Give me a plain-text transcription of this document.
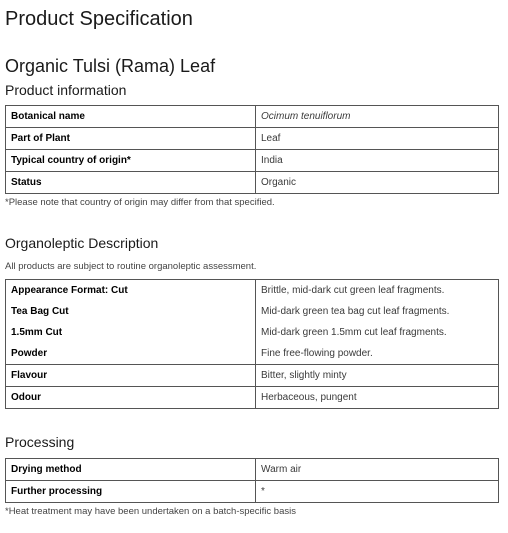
Product Specification
Organic Tulsi (Rama) Leaf
Product information
Botanical name	Ocimum tenuiflorum
Part of Plant	Leaf
Typical country of origin*	India
Status	Organic
*Please note that country of origin may differ from that specified.
Organoleptic Description
All products are subject to routine organoleptic assessment.
Appearance Format: Cut	Brittle, mid-dark cut green leaf fragments.
Tea Bag Cut	Mid-dark green tea bag cut leaf fragments.
1.5mm Cut	Mid-dark green 1.5mm cut leaf fragments.
Powder	Fine free-flowing powder.
Flavour	Bitter, slightly minty
Odour	Herbaceous, pungent
Processing
Drying method	Warm air
Further processing	*
*Heat treatment may have been undertaken on a batch-specific basis
